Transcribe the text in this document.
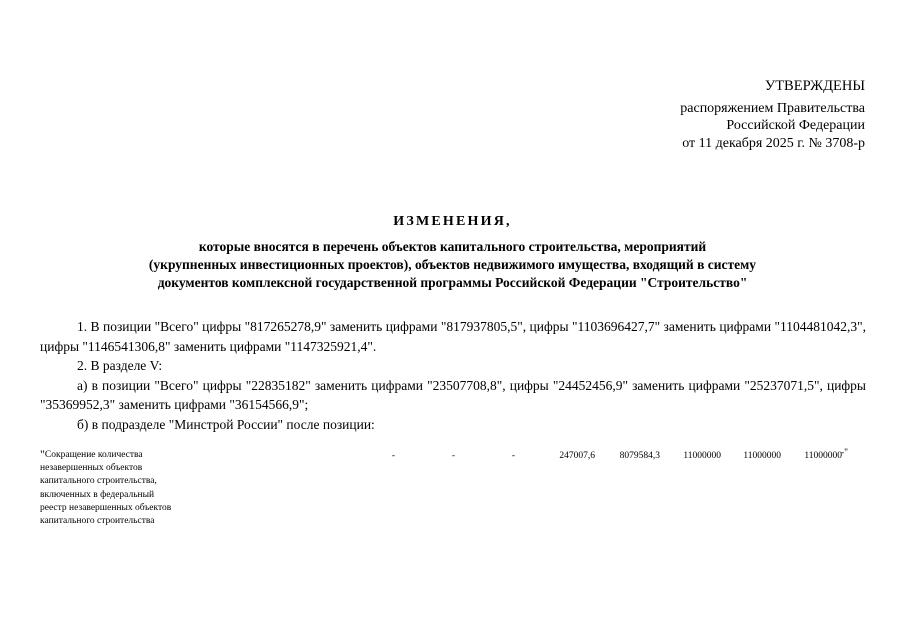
УТВЕРЖДЕНЫ
распоряжением Правительства
Российской Федерации
от 11 декабря 2025 г. № 3708-р
ИЗМЕНЕНИЯ,
которые вносятся в перечень объектов капитального строительства, мероприятий
(укрупненных инвестиционных проектов), объектов недвижимого имущества, входящий в систему
документов комплексной государственной программы Российской Федерации "Строительство"

1. В позиции "Всего" цифры "817265278,9" заменить цифрами "817937805,5", цифры "1103696427,7" заменить цифрами "1104481042,3", цифры "1146541306,8" заменить цифрами "1147325921,4".

2. В разделе V:

а) в позиции "Всего" цифры "22835182" заменить цифрами "23507708,8", цифры "24452456,9" заменить цифрами "25237071,5", цифры "35369952,3" заменить цифрами "36154566,9";

б) в подразделе "Минстрой России" после позиции:

"Сокращение количества
незавершенных объектов
капитального строительства,
включенных в федеральный
реестр незавершенных объектов
капитального строительства
-	-	-	247007,6	8079584,3 11000000 11000000 11000000
-"
